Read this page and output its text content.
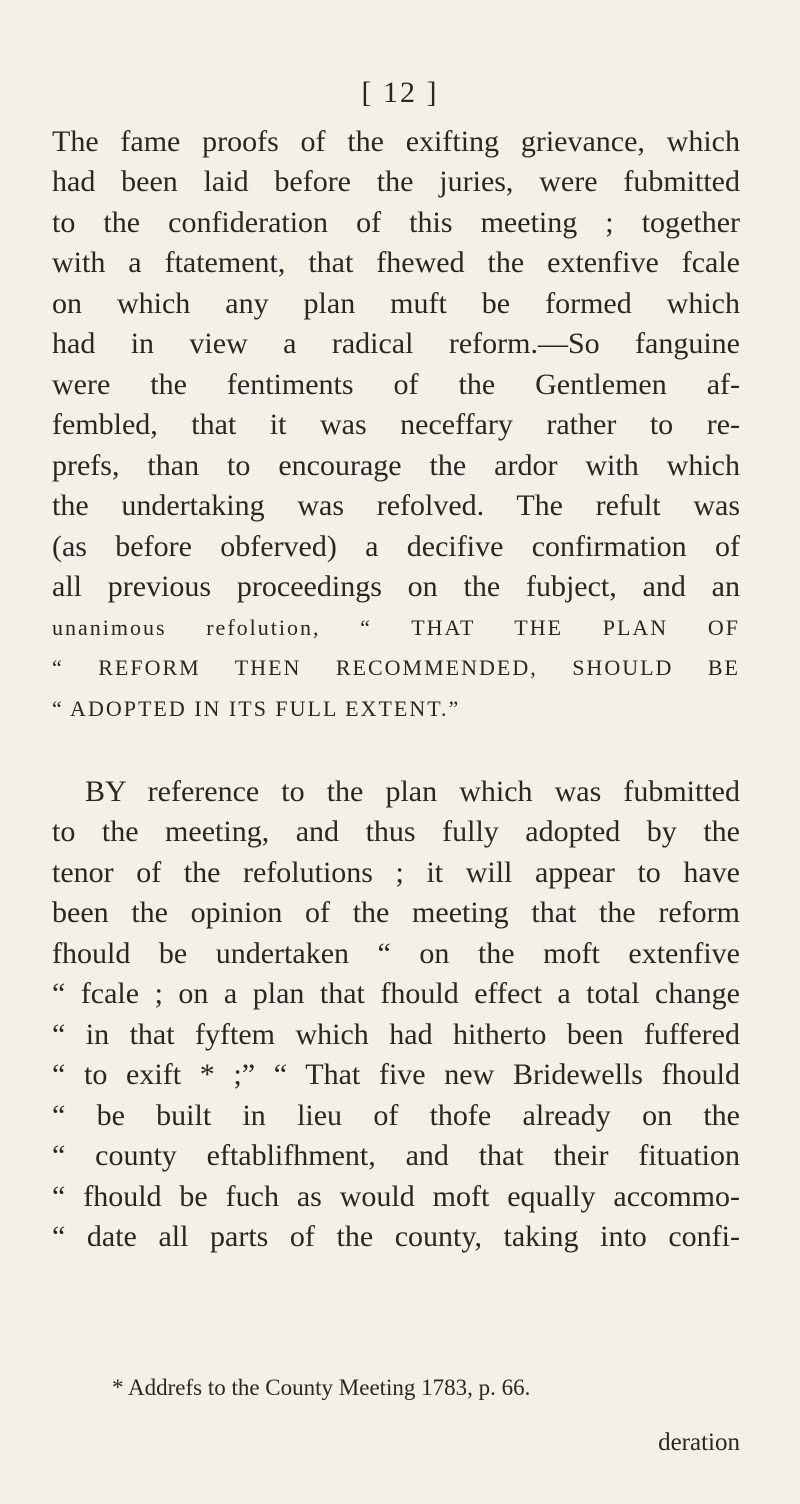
[ 12 ]
The fame proofs of the exifting grievance, which
had been laid before the juries, were fubmitted
to the confideration of this meeting ; together
with a ftatement, that fhewed the extenfive fcale
on which any plan muft be formed which
had in view a radical reform.—So fanguine
were the fentiments of the Gentlemen af-
fembled, that it was neceffary rather to re-
prefs, than to encourage the ardor with which
the undertaking was refolved. The refult was
(as before obferved) a decifive confirmation of
all previous proceedings on the fubject, and an
unanimous refolution, “ THAT THE PLAN OF
“ REFORM THEN RECOMMENDED, SHOULD BE
“ ADOPTED IN ITS FULL EXTENT.”
BY reference to the plan which was fubmitted
to the meeting, and thus fully adopted by the
tenor of the refolutions ; it will appear to have
been the opinion of the meeting that the reform
fhould be undertaken “ on the moft extenfive
“ fcale ; on a plan that fhould effect a total change
“ in that fyftem which had hitherto been fuffered
“ to exift * ;” “ That five new Bridewells fhould
“ be built in lieu of thofe already on the
“ county eftablifhment, and that their fituation
“ fhould be fuch as would moft equally accommo-
“ date all parts of the county, taking into confi-
* Addrefs to the County Meeting 1783, p. 66.
deration
